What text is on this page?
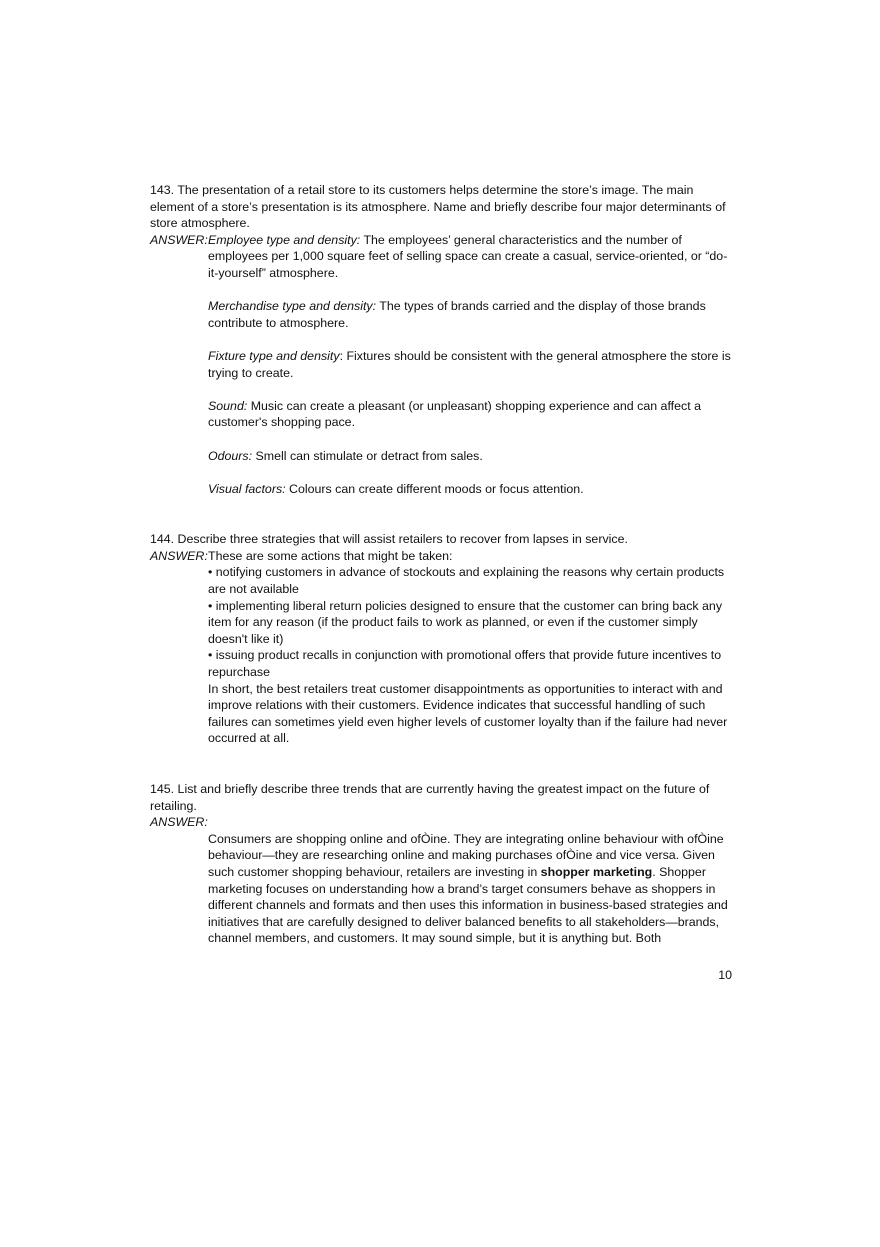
143. The presentation of a retail store to its customers helps determine the store’s image. The main element of a store’s presentation is its atmosphere. Name and briefly describe four major determinants of store atmosphere.

ANSWER: Employee type and density: The employees’ general characteristics and the number of employees per 1,000 square feet of selling space can create a casual, service-oriented, or “do-it-yourself” atmosphere.

Merchandise type and density: The types of brands carried and the display of those brands contribute to atmosphere.

Fixture type and density: Fixtures should be consistent with the general atmosphere the store is trying to create.

Sound: Music can create a pleasant (or unpleasant) shopping experience and can affect a customer's shopping pace.

Odours: Smell can stimulate or detract from sales.

Visual factors: Colours can create different moods or focus attention.

144. Describe three strategies that will assist retailers to recover from lapses in service.

ANSWER: These are some actions that might be taken:

• notifying customers in advance of stockouts and explaining the reasons why certain products are not available

• implementing liberal return policies designed to ensure that the customer can bring back any item for any reason (if the product fails to work as planned, or even if the customer simply doesn't like it)

• issuing product recalls in conjunction with promotional offers that provide future incentives to repurchase

In short, the best retailers treat customer disappointments as opportunities to interact with and improve relations with their customers. Evidence indicates that successful handling of such failures can sometimes yield even higher levels of customer loyalty than if the failure had never occurred at all.

145. List and briefly describe three trends that are currently having the greatest impact on the future of retailing.

ANSWER:

Consumers are shopping online and ofÒine. They are integrating online behaviour with ofÒine behaviour—they are researching online and making purchases ofÒine and vice versa. Given such customer shopping behaviour, retailers are investing in shopper marketing. Shopper marketing focuses on understanding how a brand’s target consumers behave as shoppers in different channels and formats and then uses this information in business-based strategies and initiatives that are carefully designed to deliver balanced benefits to all stakeholders—brands, channel members, and customers. It may sound simple, but it is anything but. Both

10
